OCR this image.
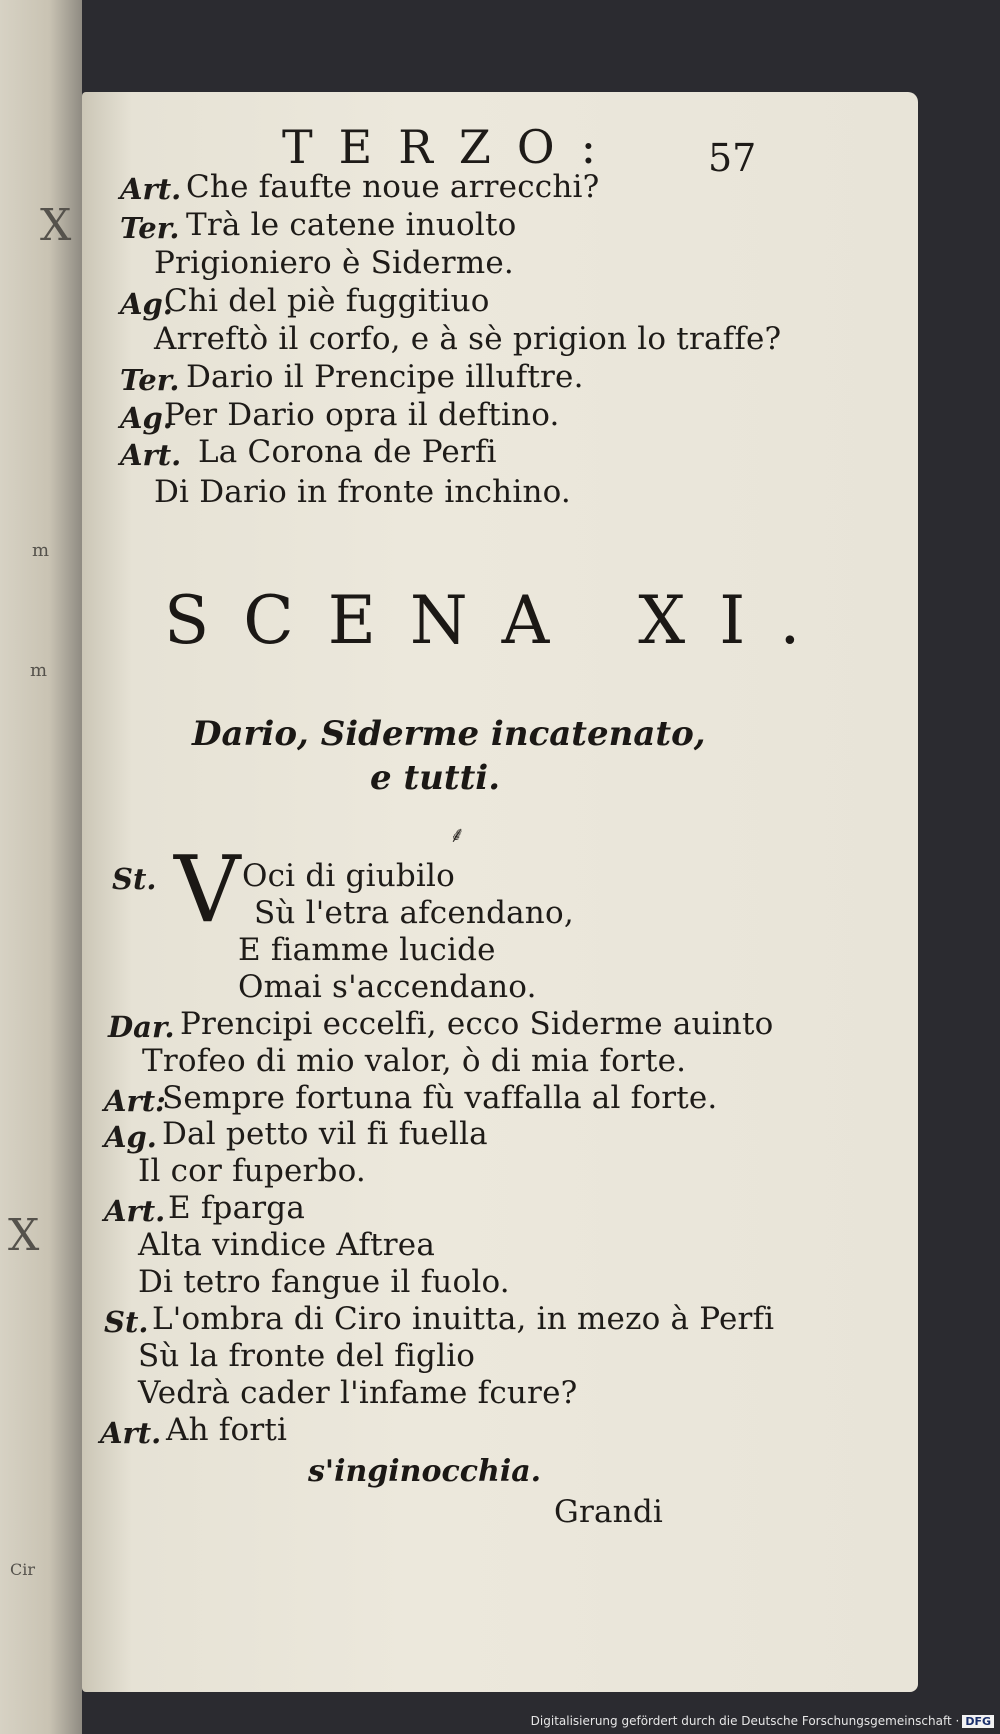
X
m
m
X
Cir
TERZO: 57
Art. Che faufte noue arrecchi?
Ter. Trà le catene inuolto
Prigioniero è Siderme.
Ag.
Chi del piè fuggitiuo
Arreftò il corfo, e à sè prigion lo traffe?
Ter. Dario il Prencipe illuftre.
Ag.
Per Dario opra il deftino.
Art. La Corona de Perfi
Di Dario in fronte inchino.
SCENA XI.
Dario, Siderme incatenato,
e tutti.
⸙
St. V Oci di giubilo
Sù l'etra afcendano,
E fiamme lucide
Omai s'accendano.
Dar. Prencipi eccelfi, ecco Siderme auinto
Trofeo di mio valor, ò di mia forte.
Art:
Sempre fortuna fù vaffalla al forte.
Ag. Dal petto vil fi fuella
Il cor fuperbo.
Art. E fparga
Alta vindice Aftrea
Di tetro fangue il fuolo.
St. L'ombra di Ciro inuitta, in mezo à Perfi
Sù la fronte del figlio
Vedrà cader l'infame fcure?
Art. Ah forti
s'inginocchia.
Grandi
Digitalisierung gefördert durch die Deutsche Forschungsgemeinschaft · DFG
